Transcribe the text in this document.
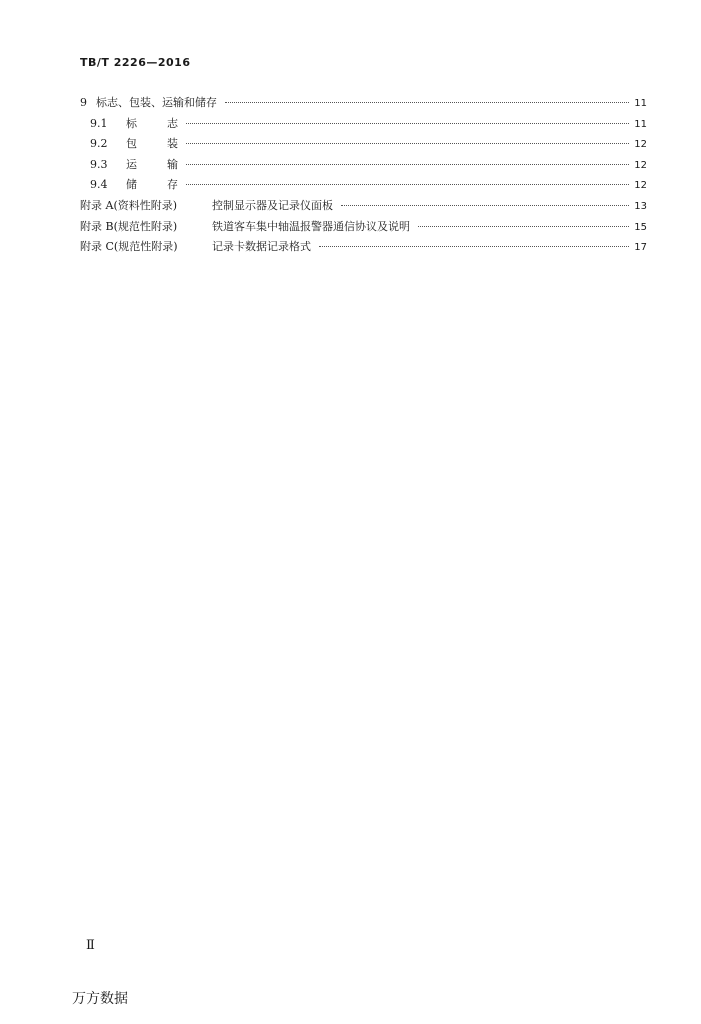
TB/T 2226—2016
9 标志、包装、运输和储存	11
9.1	标	志	11
9.2	包	装	12
9.3	运	输	12
9.4	储	存	12
附录 A(资料性附录)	控制显示器及记录仪面板	13
附录 B(规范性附录)	铁道客车集中轴温报警器通信协议及说明	15
附录 C(规范性附录)	记录卡数据记录格式	17
Ⅱ
万方数据
